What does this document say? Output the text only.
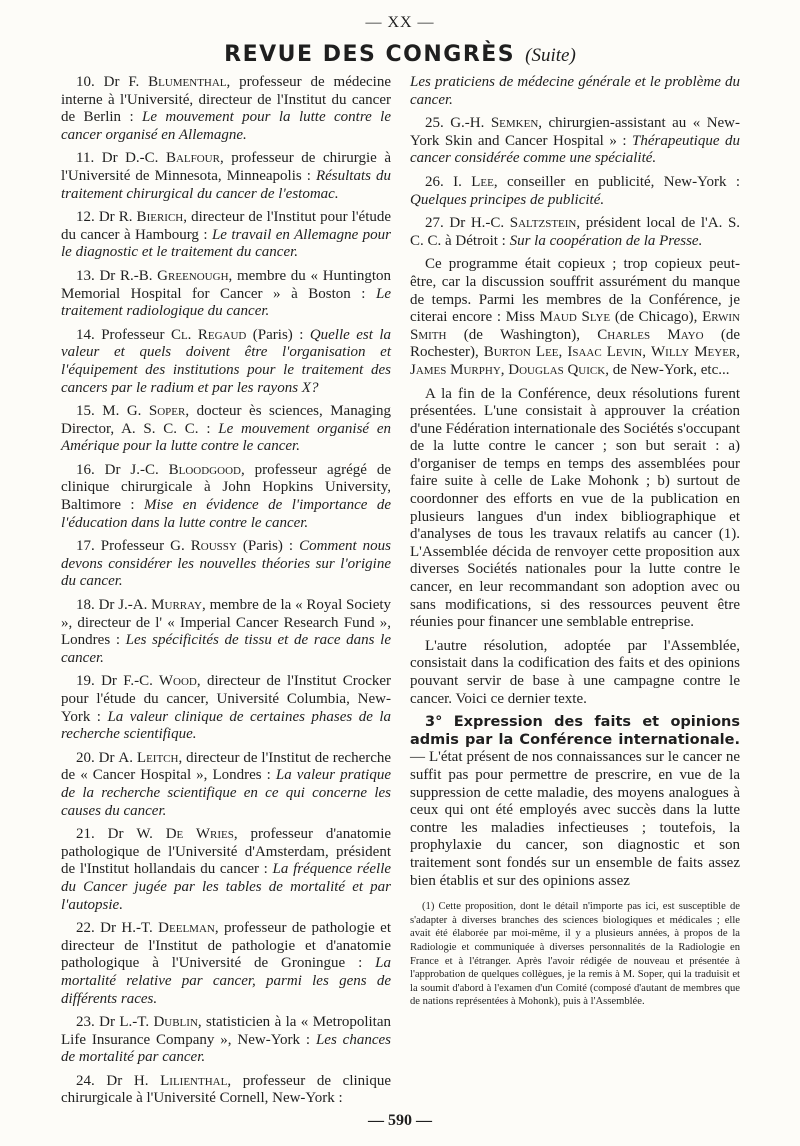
— XX —
REVUE DES CONGRÈS (Suite)

10. Dr F. Blumenthal, professeur de médecine interne à l'Université, directeur de l'Institut du cancer de Berlin : Le mouvement pour la lutte contre le cancer organisé en Allemagne.

11. Dr D.-C. Balfour, professeur de chirurgie à l'Université de Minnesota, Minneapolis : Résultats du traitement chirurgical du cancer de l'estomac.

12. Dr R. Bierich, directeur de l'Institut pour l'étude du cancer à Hambourg : Le travail en Allemagne pour le diagnostic et le traitement du cancer.

13. Dr R.-B. Greenough, membre du « Huntington Memorial Hospital for Cancer » à Boston : Le traitement radiologique du cancer.

14. Professeur Cl. Regaud (Paris) : Quelle est la valeur et quels doivent être l'organisation et l'équipement des institutions pour le traitement des cancers par le radium et par les rayons X?

15. M. G. Soper, docteur ès sciences, Managing Director, A. S. C. C. : Le mouvement organisé en Amérique pour la lutte contre le cancer.

16. Dr J.-C. Bloodgood, professeur agrégé de clinique chirurgicale à John Hopkins University, Baltimore : Mise en évidence de l'importance de l'éducation dans la lutte contre le cancer.

17. Professeur G. Roussy (Paris) : Comment nous devons considérer les nouvelles théories sur l'origine du cancer.

18. Dr J.-A. Murray, membre de la « Royal Society », directeur de l' « Imperial Cancer Research Fund », Londres : Les spécificités de tissu et de race dans le cancer.

19. Dr F.-C. Wood, directeur de l'Institut Crocker pour l'étude du cancer, Université Columbia, New-York : La valeur clinique de certaines phases de la recherche scientifique.

20. Dr A. Leitch, directeur de l'Institut de recherche de « Cancer Hospital », Londres : La valeur pratique de la recherche scientifique en ce qui concerne les causes du cancer.

21. Dr W. De Wries, professeur d'anatomie pathologique de l'Université d'Amsterdam, président de l'Institut hollandais du cancer : La fréquence réelle du Cancer jugée par les tables de mortalité et par l'autopsie.

22. Dr H.-T. Deelman, professeur de pathologie et directeur de l'Institut de pathologie et d'anatomie pathologique à l'Université de Groningue : La mortalité relative par cancer, parmi les gens de différents races.

23. Dr L.-T. Dublin, statisticien à la « Metropolitan Life Insurance Company », New-York : Les chances de mortalité par cancer.

24. Dr H. Lilienthal, professeur de clinique chirurgicale à l'Université Cornell, New-York :

Les praticiens de médecine générale et le problème du cancer.

25. G.-H. Semken, chirurgien-assistant au « New-York Skin and Cancer Hospital » : Thérapeutique du cancer considérée comme une spécialité.

26. I. Lee, conseiller en publicité, New-York : Quelques principes de publicité.

27. Dr H.-C. Saltzstein, président local de l'A. S. C. C. à Détroit : Sur la coopération de la Presse.

Ce programme était copieux ; trop copieux peut-être, car la discussion souffrit assurément du manque de temps. Parmi les membres de la Conférence, je citerai encore : Miss Maud Slye (de Chicago), Erwin Smith (de Washington), Charles Mayo (de Rochester), Burton Lee, Isaac Levin, Willy Meyer, James Murphy, Douglas Quick, de New-York, etc...

A la fin de la Conférence, deux résolutions furent présentées. L'une consistait à approuver la création d'une Fédération internationale des Sociétés s'occupant de la lutte contre le cancer ; son but serait : a) d'organiser de temps en temps des assemblées pour faire suite à celle de Lake Mohonk ; b) surtout de coordonner des efforts en vue de la publication en plusieurs langues d'un index bibliographique et d'analyses de tous les travaux relatifs au cancer (1). L'Assemblée décida de renvoyer cette proposition aux diverses Sociétés nationales pour la lutte contre le cancer, en leur recommandant son adoption avec ou sans modifications, si des ressources peuvent être réunies pour financer une semblable entreprise.

L'autre résolution, adoptée par l'Assemblée, consistait dans la codification des faits et des opinions pouvant servir de base à une campagne contre le cancer. Voici ce dernier texte.

3° Expression des faits et opinions admis par la Conférence internationale. — L'état présent de nos connaissances sur le cancer ne suffit pas pour permettre de prescrire, en vue de la suppression de cette maladie, des moyens analogues à ceux qui ont été employés avec succès dans la lutte contre les maladies infectieuses ; toutefois, la prophylaxie du cancer, son diagnostic et son traitement sont fondés sur un ensemble de faits assez bien établis et sur des opinions assez

(1) Cette proposition, dont le détail n'importe pas ici, est susceptible de s'adapter à diverses branches des sciences biologiques et médicales ; elle avait été élaborée par moi-même, il y a plusieurs années, à propos de la Radiologie et communiquée à diverses personnalités de la Radiologie en France et à l'étranger. Après l'avoir rédigée de nouveau et présentée à l'approbation de quelques collègues, je la remis à M. Soper, qui la traduisit et la soumit d'abord à l'examen d'un Comité (composé d'autant de membres que de nations représentées à Mohonk), puis à l'Assemblée.

— 590 —
